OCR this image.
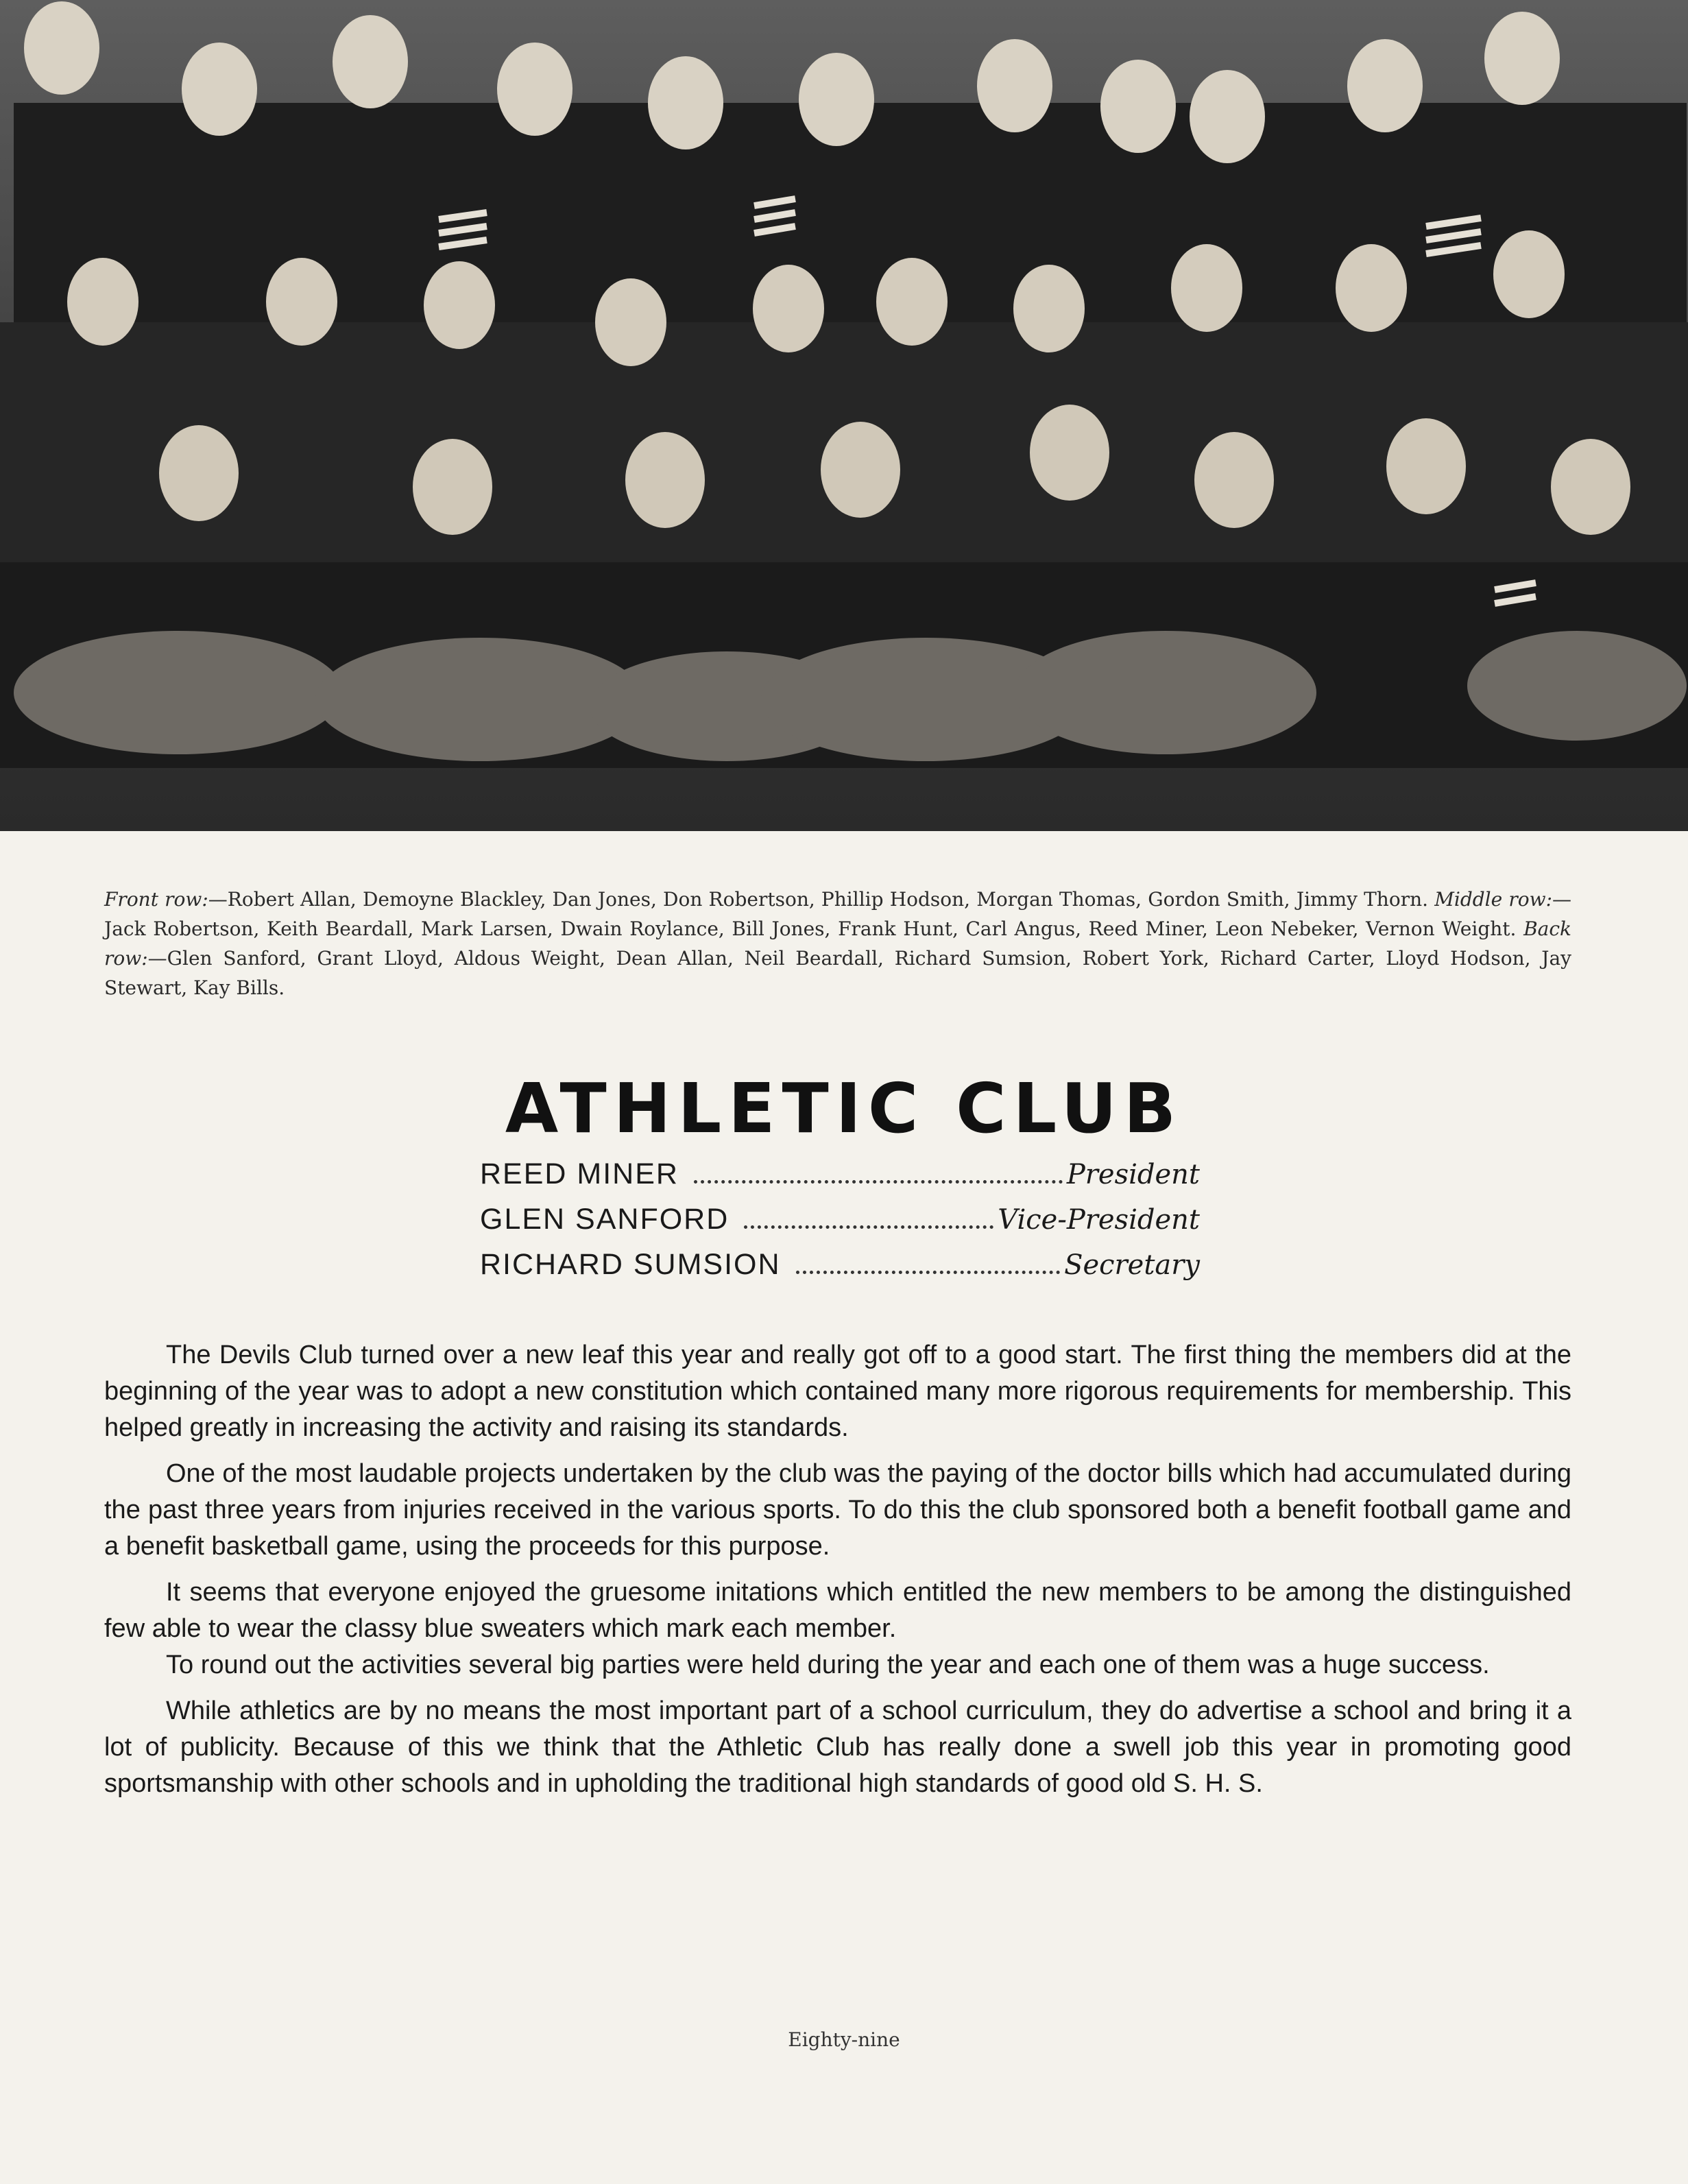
Front row:—Robert Allan, Demoyne Blackley, Dan Jones, Don Robertson, Phillip Hodson, Morgan Thomas, Gordon Smith, Jimmy Thorn. Middle row:—Jack Robertson, Keith Beardall, Mark Larsen, Dwain Roylance, Bill Jones, Frank Hunt, Carl Angus, Reed Miner, Leon Nebeker, Vernon Weight. Back row:—Glen Sanford, Grant Lloyd, Aldous Weight, Dean Allan, Neil Beardall, Richard Sumsion, Robert York, Richard Carter, Lloyd Hodson, Jay Stewart, Kay Bills.

ATHLETIC CLUB
REED MINER	President
GLEN SANFORD	Vice-President
RICHARD SUMSION	Secretary

The Devils Club turned over a new leaf this year and really got off to a good start. The first thing the members did at the beginning of the year was to adopt a new constitution which contained many more rigorous requirements for membership. This helped greatly in increasing the activity and raising its standards.

One of the most laudable projects undertaken by the club was the paying of the doctor bills which had accumulated during the past three years from injuries received in the various sports. To do this the club sponsored both a benefit football game and a benefit basketball game, using the proceeds for this purpose.

It seems that everyone enjoyed the gruesome initations which entitled the new members to be among the distinguished few able to wear the classy blue sweaters which mark each member.

To round out the activities several big parties were held during the year and each one of them was a huge success.

While athletics are by no means the most important part of a school curriculum, they do advertise a school and bring it a lot of publicity. Because of this we think that the Athletic Club has really done a swell job this year in promoting good sportsmanship with other schools and in upholding the traditional high standards of good old S. H. S.

Eighty-nine
